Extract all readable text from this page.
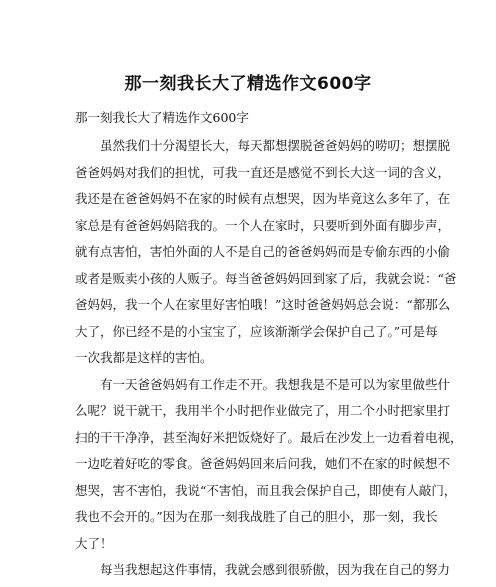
那一刻我长大了精选作文600字
那一刻我长大了精选作文600字
虽然我们十分渴望长大，每天都想摆脱爸爸妈妈的唠叨；想摆脱
爸爸妈妈对我们的担忧，可我一直还是感觉不到长大这一词的含义，
我还是在爸爸妈妈不在家的时候有点想哭，因为毕竟这么多年了，在
家总是有爸爸妈妈陪我的。一个人在家时，只要听到外面有脚步声，
就有点害怕，害怕外面的人不是自己的爸爸妈妈而是专偷东西的小偷
或者是贩卖小孩的人贩子。每当爸爸妈妈回到家了后，我就会说：“爸
爸妈妈，我一个人在家里好害怕哦！”这时爸爸妈妈总会说：“都那么
大了，你已经不是的小宝宝了，应该渐渐学会保护自己了。”可是每
一次我都是这样的害怕。
有一天爸爸妈妈有工作走不开。我想我是不是可以为家里做些什
么呢？说干就干，我用半个小时把作业做完了，用二个小时把家里打
扫的干干净净，甚至淘好米把饭烧好了。最后在沙发上一边看着电视，
一边吃着好吃的零食。爸爸妈妈回来后问我，她们不在家的时候想不
想哭，害不害怕，我说“不害怕，而且我会保护自己，即使有人敲门，
我也不会开的。”因为在那一刻我战胜了自己的胆小，那一刻，我长
大了！
每当我想起这件事情，我就会感到很骄傲，因为我在自己的努力
